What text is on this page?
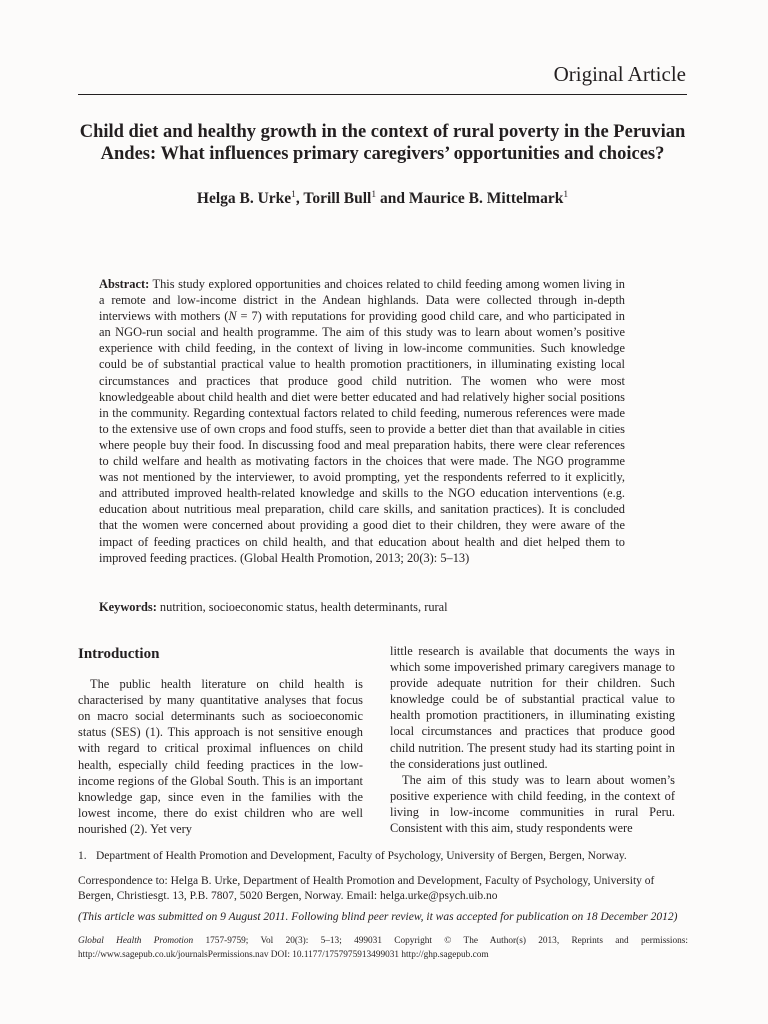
Original Article
Child diet and healthy growth in the context of rural poverty in the Peruvian Andes: What influences primary caregivers’ opportunities and choices?
Helga B. Urke$^1$, Torill Bull$^1$ and Maurice B. Mittelmark$^1$
Abstract: This study explored opportunities and choices related to child feeding among women living in a remote and low-income district in the Andean highlands. Data were collected through in-depth interviews with mothers (N = 7) with reputations for providing good child care, and who participated in an NGO-run social and health programme. The aim of this study was to learn about women’s positive experience with child feeding, in the context of living in low-income communities. Such knowledge could be of substantial practical value to health promotion practitioners, in illuminating existing local circumstances and practices that produce good child nutrition. The women who were most knowledgeable about child health and diet were better educated and had relatively higher social positions in the community. Regarding contextual factors related to child feeding, numerous references were made to the extensive use of own crops and food stuffs, seen to provide a better diet than that available in cities where people buy their food. In discussing food and meal preparation habits, there were clear references to child welfare and health as motivating factors in the choices that were made. The NGO programme was not mentioned by the interviewer, to avoid prompting, yet the respondents referred to it explicitly, and attributed improved health-related knowledge and skills to the NGO education interventions (e.g. education about nutritious meal preparation, child care skills, and sanitation practices). It is concluded that the women were concerned about providing a good diet to their children, they were aware of the impact of feeding practices on child health, and that education about health and diet helped them to improved feeding practices. (Global Health Promotion, 2013; 20(3): 5–13)
Keywords: nutrition, socioeconomic status, health determinants, rural
Introduction

The public health literature on child health is characterised by many quantitative analyses that focus on macro social determinants such as socioeconomic status (SES) (1). This approach is not sensitive enough with regard to critical proximal influences on child health, especially child feeding practices in the low-income regions of the Global South. This is an important knowledge gap, since even in the families with the lowest income, there do exist children who are well nourished (2). Yet very

little research is available that documents the ways in which some impoverished primary caregivers manage to provide adequate nutrition for their children. Such knowledge could be of substantial practical value to health promotion practitioners, in illuminating existing local circumstances and practices that produce good child nutrition. The present study had its starting point in the considerations just outlined.

The aim of this study was to learn about women’s positive experience with child feeding, in the context of living in low-income communities in rural Peru. Consistent with this aim, study respondents were

1. Department of Health Promotion and Development, Faculty of Psychology, University of Bergen, Bergen, Norway.

Correspondence to: Helga B. Urke, Department of Health Promotion and Development, Faculty of Psychology, University of Bergen, Christiesgt. 13, P.B. 7807, 5020 Bergen, Norway. Email: helga.urke@psych.uib.no

(This article was submitted on 9 August 2011. Following blind peer review, it was accepted for publication on 18 December 2012)

Global Health Promotion 1757-9759; Vol 20(3): 5–13; 499031 Copyright © The Author(s) 2013, Reprints and permissions: http://www.sagepub.co.uk/journalsPermissions.nav DOI: 10.1177/1757975913499031 http://ghp.sagepub.com
